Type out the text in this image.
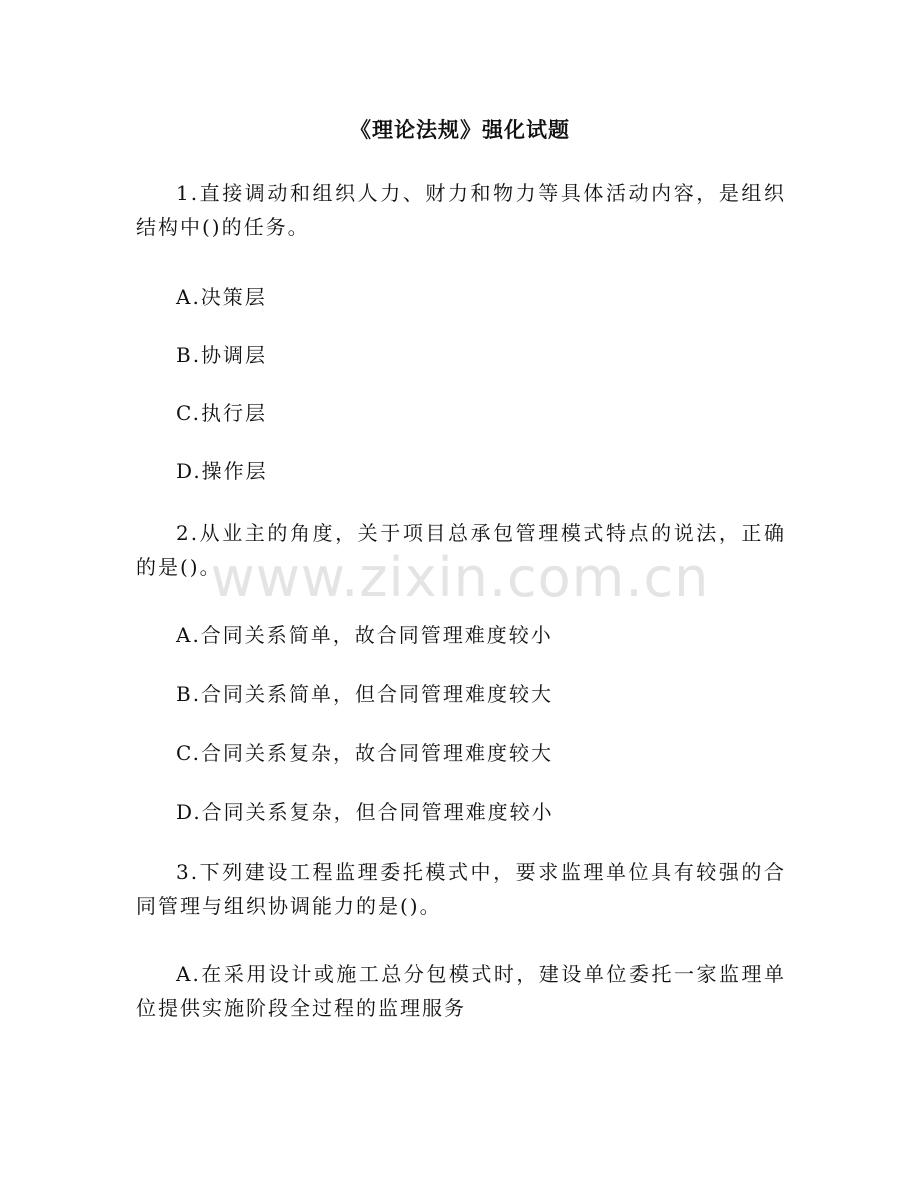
www.zixin.com.cn
《理论法规》强化试题
1.直接调动和组织人力、财力和物力等具体活动内容，是组织结构中()的任务。
A.决策层
B.协调层
C.执行层
D.操作层
2.从业主的角度，关于项目总承包管理模式特点的说法，正确的是()。
A.合同关系简单，故合同管理难度较小
B.合同关系简单，但合同管理难度较大
C.合同关系复杂，故合同管理难度较大
D.合同关系复杂，但合同管理难度较小
3.下列建设工程监理委托模式中，要求监理单位具有较强的合同管理与组织协调能力的是()。
A.在采用设计或施工总分包模式时，建设单位委托一家监理单位提供实施阶段全过程的监理服务
